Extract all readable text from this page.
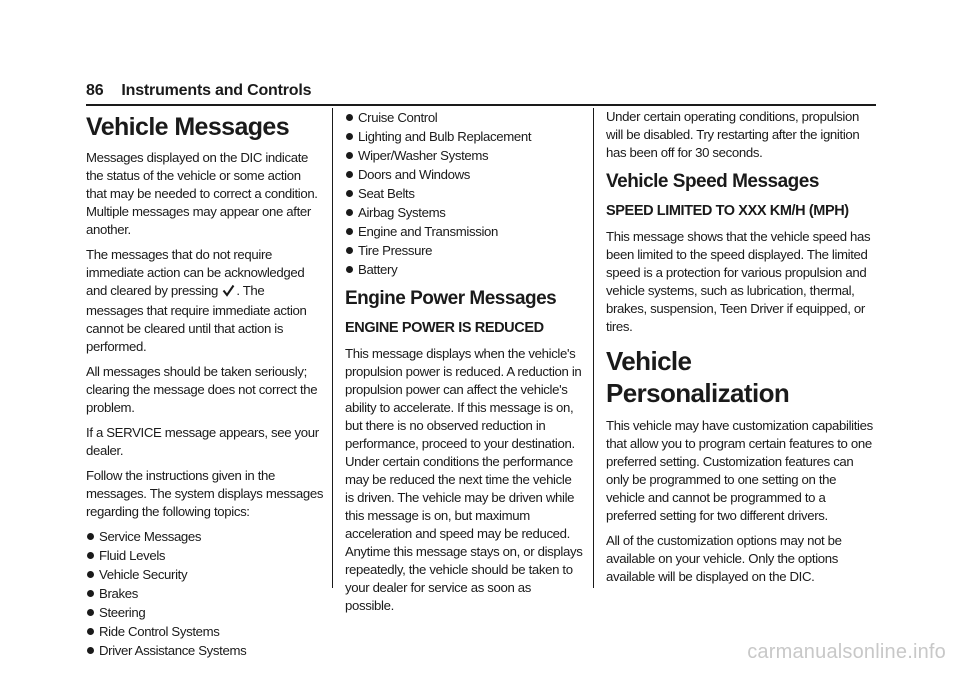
86 Instruments and Controls
Vehicle Messages

Messages displayed on the DIC indicate the status of the vehicle or some action that may be needed to correct a condition. Multiple messages may appear one after another.

The messages that do not require immediate action can be acknowledged and cleared by pressing . The messages that require immediate action cannot be cleared until that action is performed.

All messages should be taken seriously; clearing the message does not correct the problem.

If a SERVICE message appears, see your dealer.

Follow the instructions given in the messages. The system displays messages regarding the following topics:

Service Messages
Fluid Levels
Vehicle Security
Brakes
Steering
Ride Control Systems
Driver Assistance Systems
Cruise Control
Lighting and Bulb Replacement
Wiper/Washer Systems
Doors and Windows
Seat Belts
Airbag Systems
Engine and Transmission
Tire Pressure
Battery
Engine Power Messages
ENGINE POWER IS REDUCED

This message displays when the vehicle's propulsion power is reduced. A reduction in propulsion power can affect the vehicle's ability to accelerate. If this message is on, but there is no observed reduction in performance, proceed to your destination. Under certain conditions the performance may be reduced the next time the vehicle is driven. The vehicle may be driven while this message is on, but maximum acceleration and speed may be reduced. Anytime this message stays on, or displays repeatedly, the vehicle should be taken to your dealer for service as soon as possible.

Under certain operating conditions, propulsion will be disabled. Try restarting after the ignition has been off for 30 seconds.

Vehicle Speed Messages
SPEED LIMITED TO XXX KM/H (MPH)

This message shows that the vehicle speed has been limited to the speed displayed. The limited speed is a protection for various propulsion and vehicle systems, such as lubrication, thermal, brakes, suspension, Teen Driver if equipped, or tires.

Vehicle Personalization

This vehicle may have customization capabilities that allow you to program certain features to one preferred setting. Customization features can only be programmed to one setting on the vehicle and cannot be programmed to a preferred setting for two different drivers.

All of the customization options may not be available on your vehicle. Only the options available will be displayed on the DIC.

carmanualsonline.info
